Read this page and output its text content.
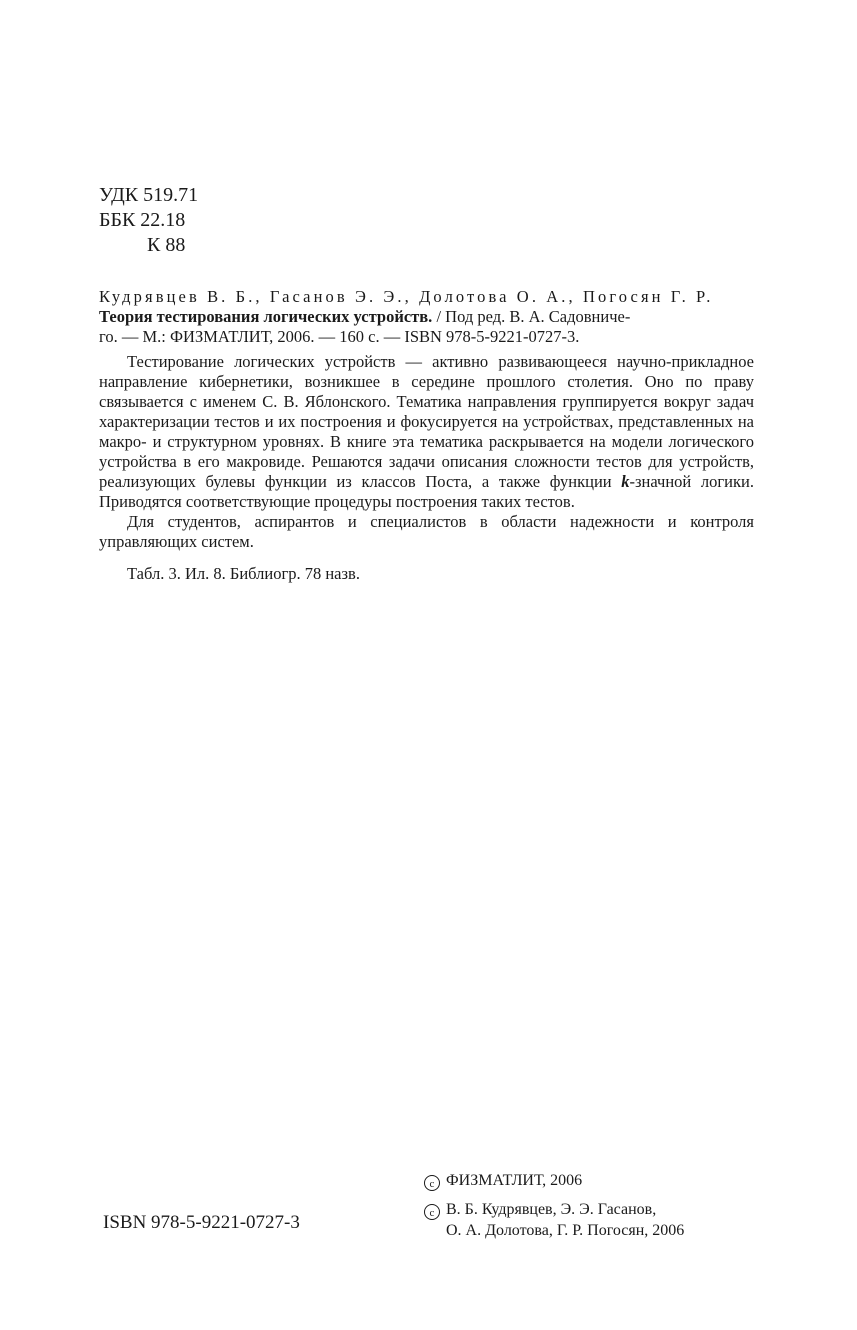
УДК 519.71
ББК 22.18
К 88
Кудрявцев В. Б., Гасанов Э. Э., Долотова О. А., Погосян Г. Р.
Теория тестирования логических устройств. / Под ред. В. А. Садовниче-
го. — М.: ФИЗМАТЛИТ, 2006. — 160 с. — ISBN 978-5-9221-0727-3.

Тестирование логических устройств — активно развивающееся научно-прикладное направление кибернетики, возникшее в середине прошлого столетия. Оно по праву связывается с именем С. В. Яблонского. Тематика направления группируется вокруг задач характеризации тестов и их построения и фокусируется на устройствах, представленных на макро- и структурном уровнях. В книге эта тематика раскрывается на модели логического устройства в его макровиде. Решаются задачи описания сложности тестов для устройств, реализующих булевы функции из классов Поста, а также функции k-значной логики. Приводятся соответствующие процедуры построения таких тестов.

Для студентов, аспирантов и специалистов в области надежности и контроля управляющих систем.

Табл. 3. Ил. 8. Библиогр. 78 назв.

ISBN 978-5-9221-0727-3
c ФИЗМАТЛИТ, 2006
c В. Б. Кудрявцев, Э. Э. Гасанов,
О. А. Долотова, Г. Р. Погосян, 2006
